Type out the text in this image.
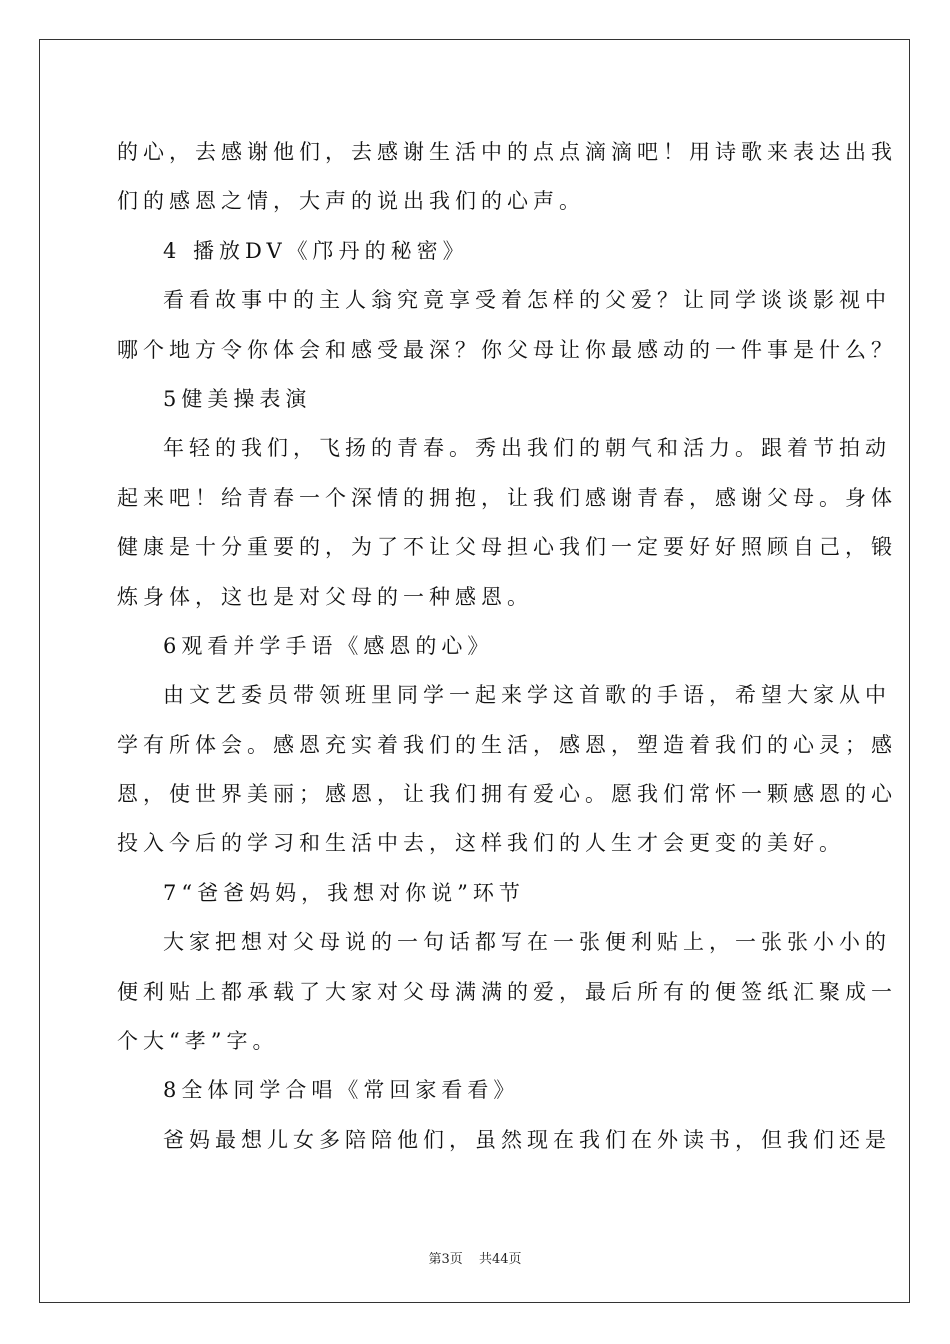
的心，去感谢他们，去感谢生活中的点点滴滴吧！用诗歌来表达出我
们的感恩之情，大声的说出我们的心声。
4 播放DV《邝丹的秘密》
看看故事中的主人翁究竟享受着怎样的父爱？让同学谈谈影视中
哪个地方令你体会和感受最深？你父母让你最感动的一件事是什么？
5健美操表演
年轻的我们，飞扬的青春。秀出我们的朝气和活力。跟着节拍动
起来吧！给青春一个深情的拥抱，让我们感谢青春，感谢父母。身体
健康是十分重要的，为了不让父母担心我们一定要好好照顾自己，锻
炼身体，这也是对父母的一种感恩。
6观看并学手语《感恩的心》
由文艺委员带领班里同学一起来学这首歌的手语，希望大家从中
学有所体会。感恩充实着我们的生活，感恩，塑造着我们的心灵；感
恩，使世界美丽；感恩，让我们拥有爱心。愿我们常怀一颗感恩的心
投入今后的学习和生活中去，这样我们的人生才会更变的美好。
7“爸爸妈妈，我想对你说”环节
大家把想对父母说的一句话都写在一张便利贴上，一张张小小的
便利贴上都承载了大家对父母满满的爱，最后所有的便签纸汇聚成一
个大“孝”字。
8全体同学合唱《常回家看看》
爸妈最想儿女多陪陪他们，虽然现在我们在外读书，但我们还是
第3页 共44页
